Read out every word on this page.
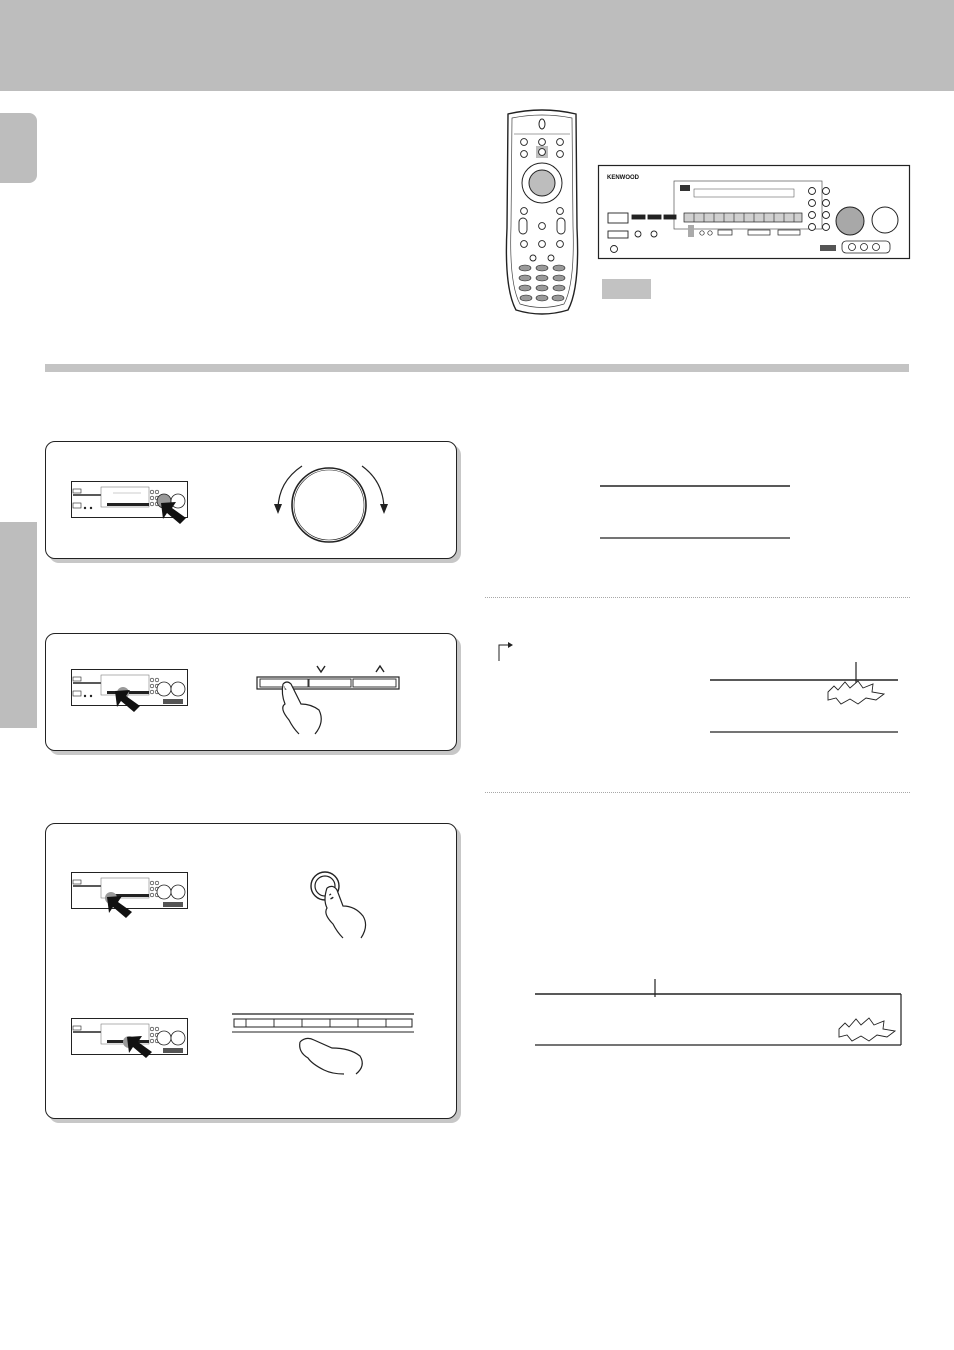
KENWOOD
